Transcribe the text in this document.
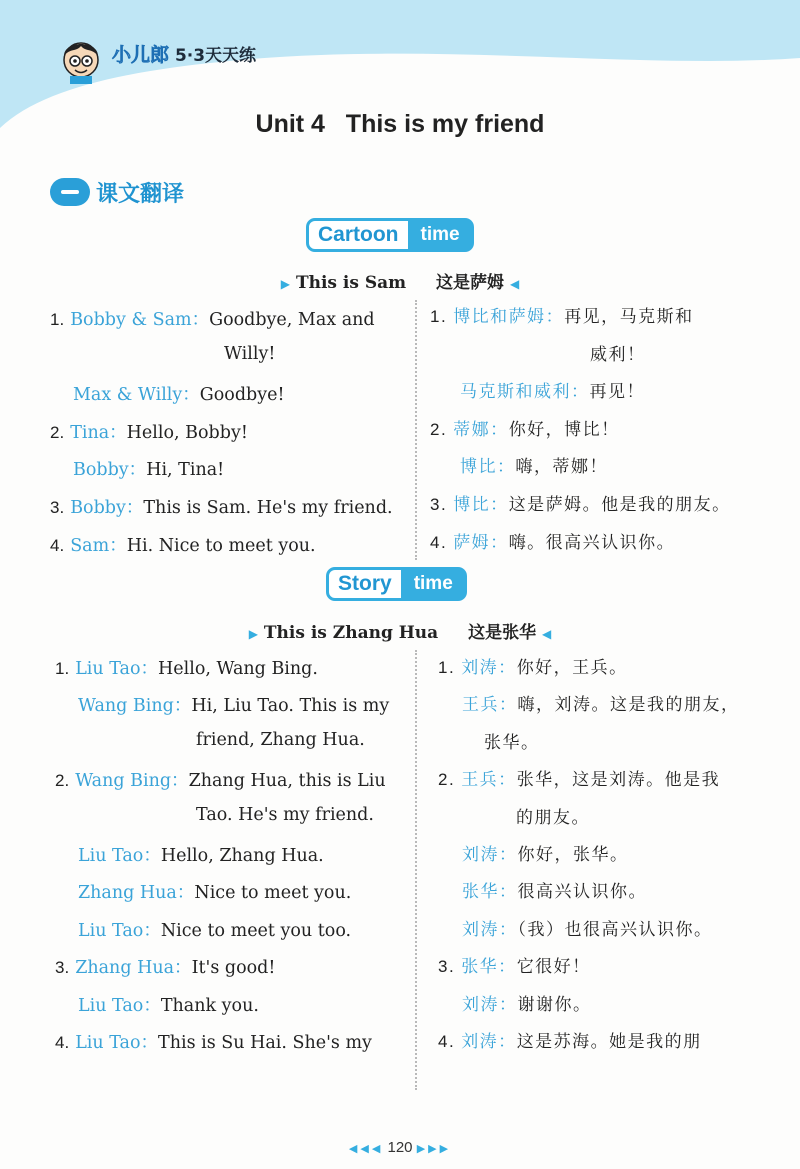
小儿郎 5·3天天练
Unit 4   This is my friend
课文翻译
Cartoon	time
▶ This is Sam 这是萨姆 ◀
1. Bobby & Sam：Goodbye, Max and
Willy!
Max & Willy：Goodbye!
2. Tina：Hello, Bobby!
Bobby：Hi, Tina!
3. Bobby：This is Sam. He's my friend.
4. Sam：Hi. Nice to meet you.
1. 博比和萨姆：再见，马克斯和
威利！
马克斯和威利：再见！
2. 蒂娜：你好，博比！
博比：嗨，蒂娜！
3. 博比：这是萨姆。他是我的朋友。
4. 萨姆：嗨。很高兴认识你。
Story	time
▶ This is Zhang Hua 这是张华 ◀
1. Liu Tao：Hello, Wang Bing.
Wang Bing：Hi, Liu Tao. This is my
friend, Zhang Hua.
2. Wang Bing：Zhang Hua, this is Liu
Tao. He's my friend.
Liu Tao：Hello, Zhang Hua.
Zhang Hua：Nice to meet you.
Liu Tao：Nice to meet you too.
3. Zhang Hua：It's good!
Liu Tao：Thank you.
4. Liu Tao：This is Su Hai. She's my
1. 刘涛：你好，王兵。
王兵：嗨，刘涛。这是我的朋友，
张华。
2. 王兵：张华，这是刘涛。他是我
的朋友。
刘涛：你好，张华。
张华：很高兴认识你。
刘涛：（我）也很高兴认识你。
3. 张华：它很好！
刘涛：谢谢你。
4. 刘涛：这是苏海。她是我的朋
◀◀◀ 120 ▶▶▶
